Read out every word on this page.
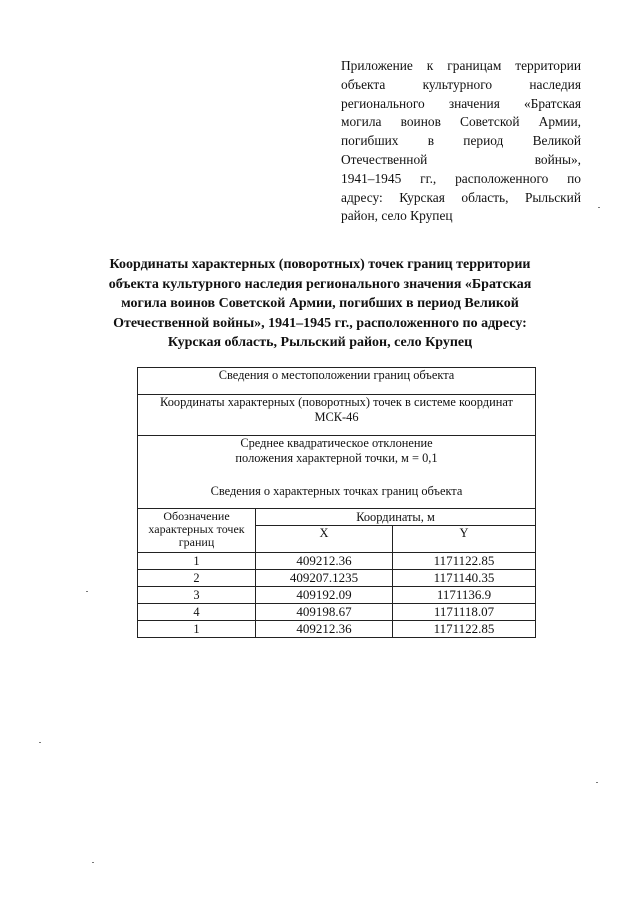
Приложение к границам территории
объекта культурного наследия
регионального значения «Братская
могила воинов Советской Армии,
погибших в период Великой
Отечественной войны»,
1941–1945 гг., расположенного по
адресу: Курская область, Рыльский
район, село Крупец
Координаты характерных (поворотных) точек границ территории
объекта культурного наследия регионального значения «Братская
могила воинов Советской Армии, погибших в период Великой
Отечественной войны», 1941–1945 гг., расположенного по адресу:
Курская область, Рыльский район, село Крупец
Сведения о местоположении границ объекта		

Координаты характерных (поворотных) точек в системе координат
МСК-46		

Среднее квадратическое отклонение
положения характерной точки, м = 0,1
Сведения о характерных точках границ объекта		

Обозначение характерных точек границ	Координаты, м	
	X	Y
1	409212.36	1171122.85
2	409207.1235	1171140.35
3	409192.09	1171136.9
4	409198.67	1171118.07
1	409212.36	1171122.85
